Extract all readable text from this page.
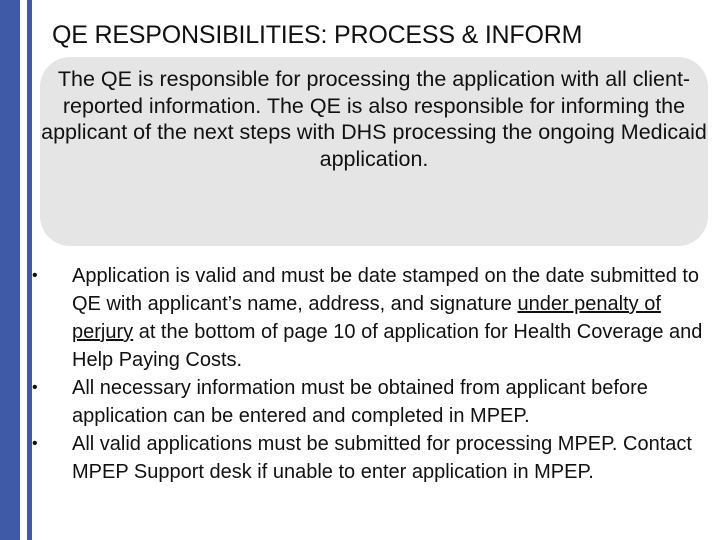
QE RESPONSIBILITIES: PROCESS & INFORM
The QE is responsible for processing the application with all client-reported information. The QE is also responsible for informing the applicant of the next steps with DHS processing the ongoing Medicaid application.
• Application is valid and must be date stamped on the date submitted to QE with applicant’s name, address, and signature under penalty of perjury at the bottom of page 10 of application for Health Coverage and Help Paying Costs.
• All necessary information must be obtained from applicant before application can be entered and completed in MPEP.
• All valid applications must be submitted for processing MPEP. Contact MPEP Support desk if unable to enter application in MPEP.
